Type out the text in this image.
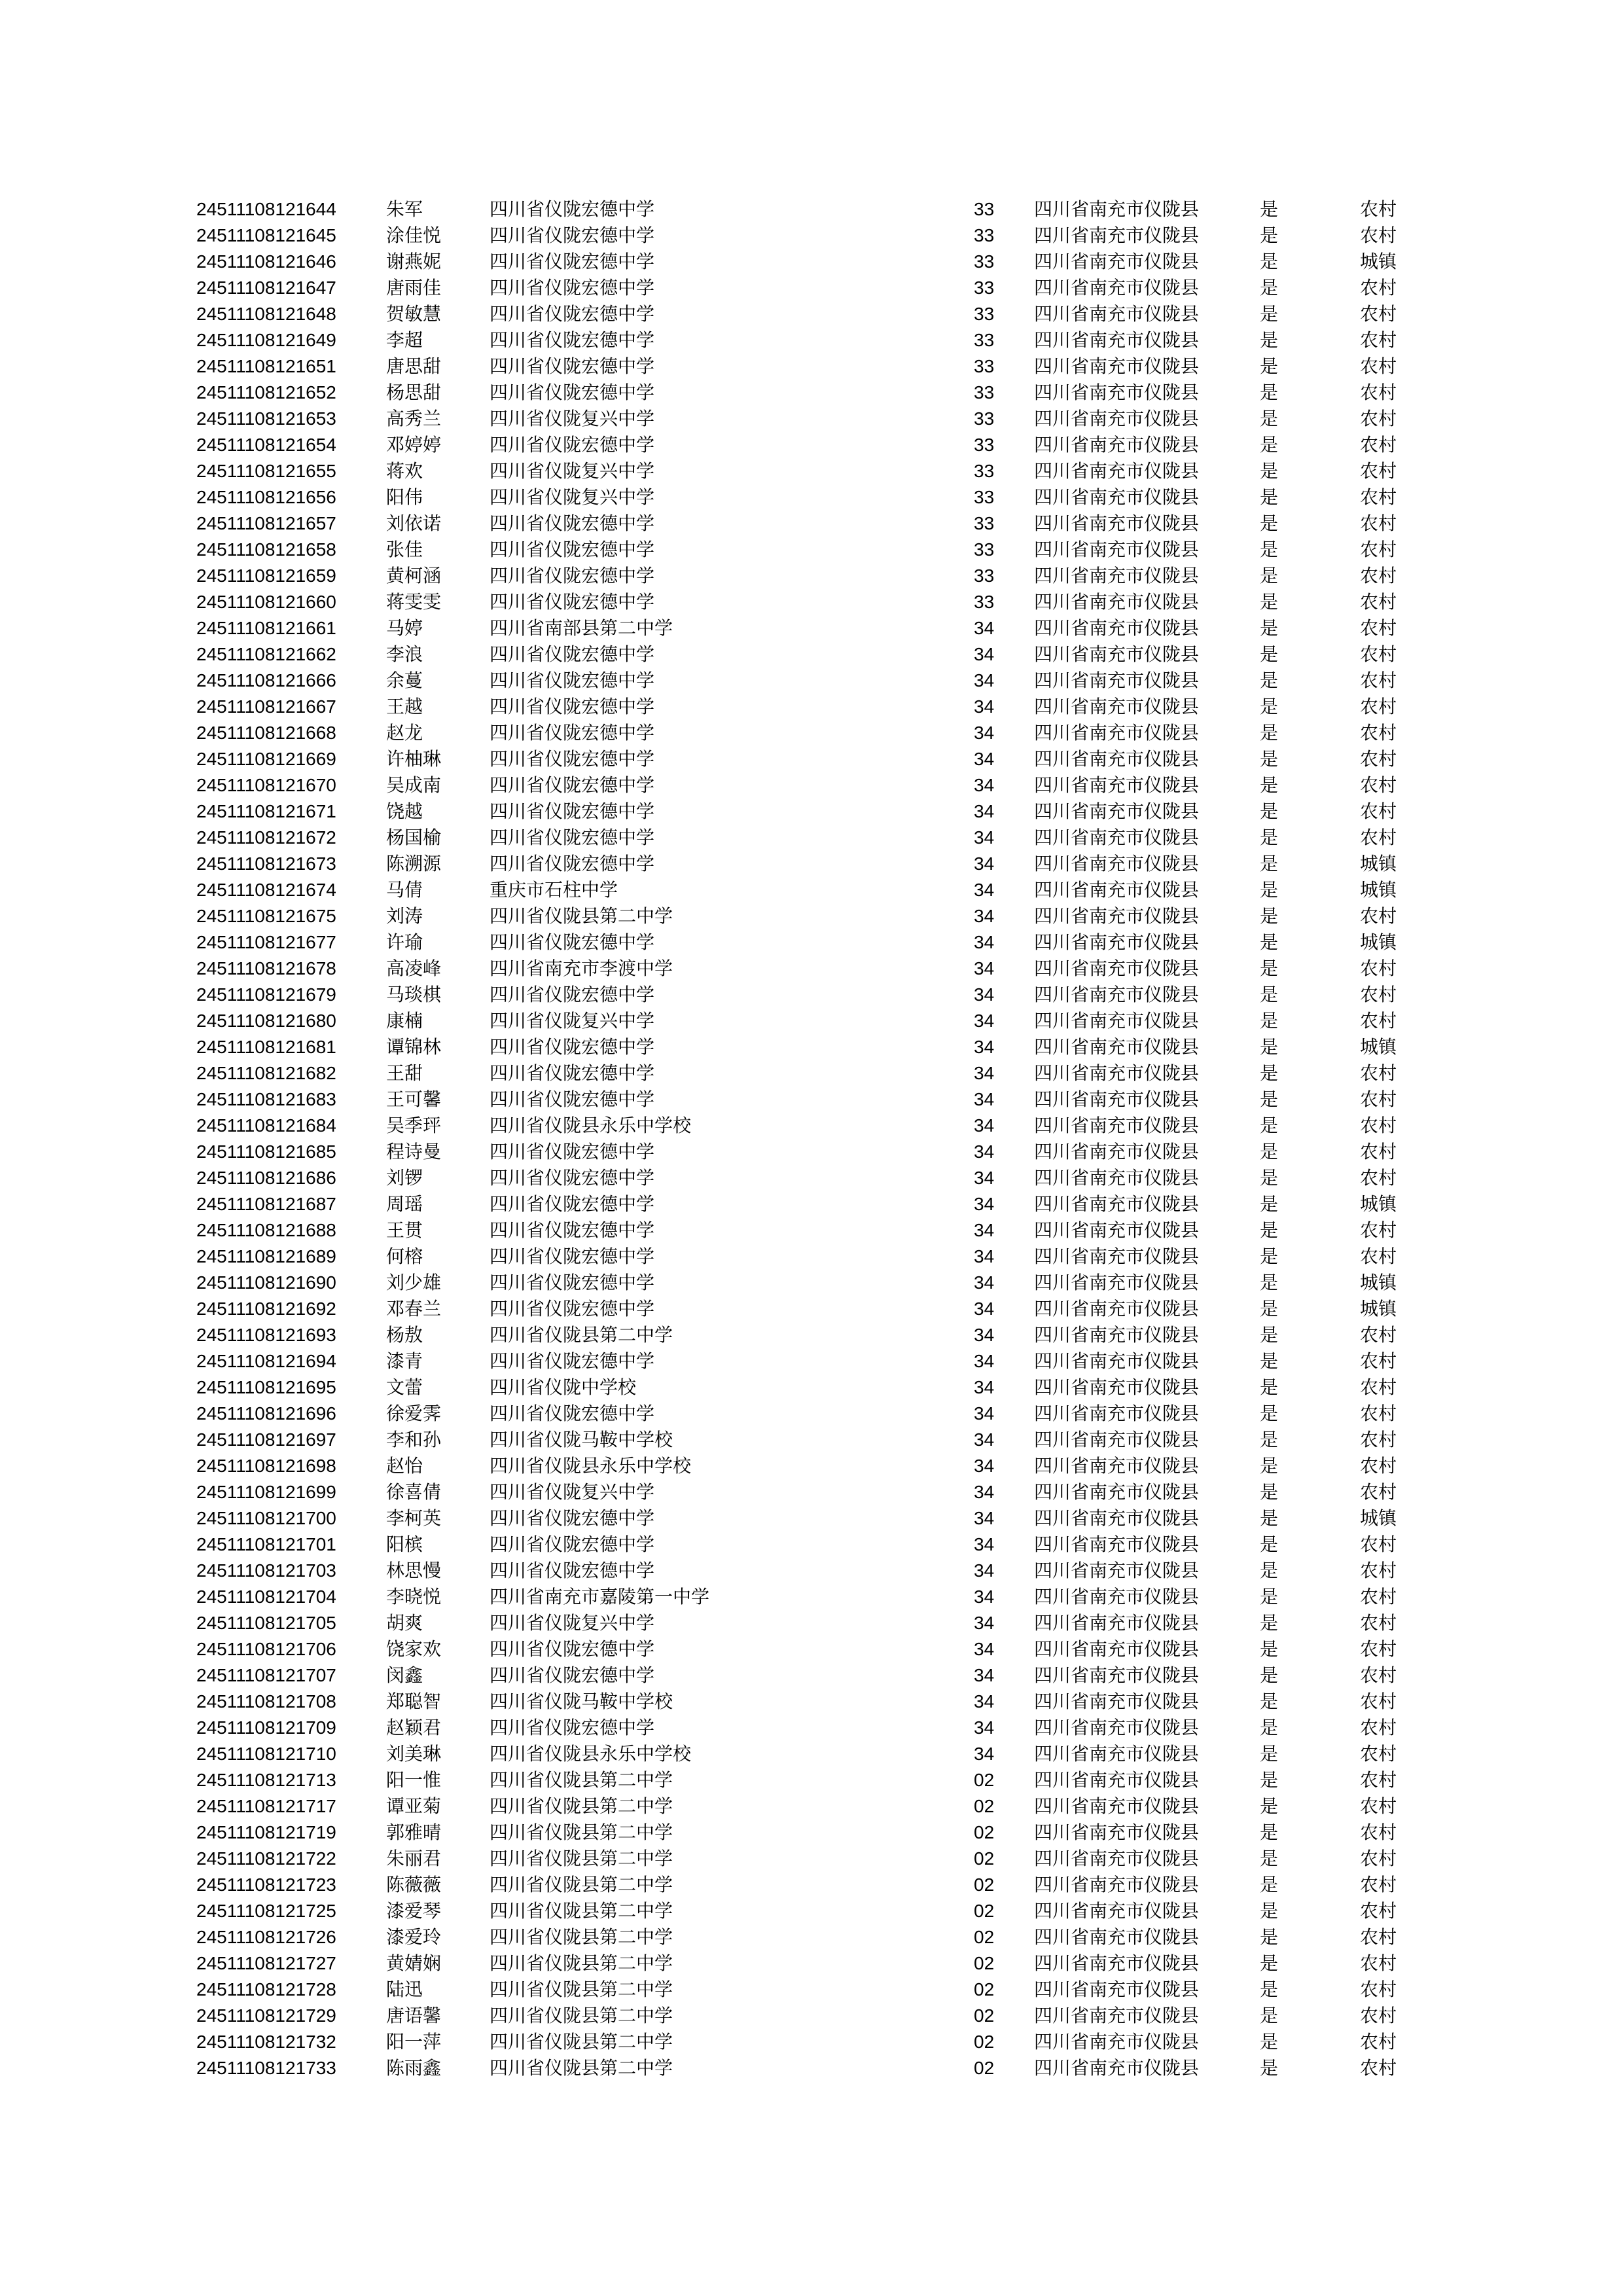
24511108121644	朱军	四川省仪陇宏德中学	33 四川省南充市仪陇县	是	农村
24511108121645	涂佳悦	四川省仪陇宏德中学	33 四川省南充市仪陇县	是	农村
24511108121646	谢燕妮	四川省仪陇宏德中学	33 四川省南充市仪陇县	是	城镇
24511108121647	唐雨佳	四川省仪陇宏德中学	33 四川省南充市仪陇县	是	农村
24511108121648	贺敏慧	四川省仪陇宏德中学	33 四川省南充市仪陇县	是	农村
24511108121649	李超	四川省仪陇宏德中学	33 四川省南充市仪陇县	是	农村
24511108121651	唐思甜	四川省仪陇宏德中学	33 四川省南充市仪陇县	是	农村
24511108121652	杨思甜	四川省仪陇宏德中学	33 四川省南充市仪陇县	是	农村
24511108121653	高秀兰	四川省仪陇复兴中学	33 四川省南充市仪陇县	是	农村
24511108121654	邓婷婷	四川省仪陇宏德中学	33 四川省南充市仪陇县	是	农村
24511108121655	蒋欢	四川省仪陇复兴中学	33 四川省南充市仪陇县	是	农村
24511108121656	阳伟	四川省仪陇复兴中学	33 四川省南充市仪陇县	是	农村
24511108121657	刘依诺	四川省仪陇宏德中学	33 四川省南充市仪陇县	是	农村
24511108121658	张佳	四川省仪陇宏德中学	33 四川省南充市仪陇县	是	农村
24511108121659	黄柯涵	四川省仪陇宏德中学	33 四川省南充市仪陇县	是	农村
24511108121660	蒋雯雯	四川省仪陇宏德中学	33 四川省南充市仪陇县	是	农村
24511108121661	马婷	四川省南部县第二中学	34 四川省南充市仪陇县	是	农村
24511108121662	李浪	四川省仪陇宏德中学	34 四川省南充市仪陇县	是	农村
24511108121666	余蔓	四川省仪陇宏德中学	34 四川省南充市仪陇县	是	农村
24511108121667	王越	四川省仪陇宏德中学	34 四川省南充市仪陇县	是	农村
24511108121668	赵龙	四川省仪陇宏德中学	34 四川省南充市仪陇县	是	农村
24511108121669	许柚琳	四川省仪陇宏德中学	34 四川省南充市仪陇县	是	农村
24511108121670	吴成南	四川省仪陇宏德中学	34 四川省南充市仪陇县	是	农村
24511108121671	饶越	四川省仪陇宏德中学	34 四川省南充市仪陇县	是	农村
24511108121672	杨国榆	四川省仪陇宏德中学	34 四川省南充市仪陇县	是	农村
24511108121673	陈溯源	四川省仪陇宏德中学	34 四川省南充市仪陇县	是	城镇
24511108121674	马倩	重庆市石柱中学	34 四川省南充市仪陇县	是	城镇
24511108121675	刘涛	四川省仪陇县第二中学	34 四川省南充市仪陇县	是	农村
24511108121677	许瑜	四川省仪陇宏德中学	34 四川省南充市仪陇县	是	城镇
24511108121678	高凌峰	四川省南充市李渡中学	34 四川省南充市仪陇县	是	农村
24511108121679	马琰棋	四川省仪陇宏德中学	34 四川省南充市仪陇县	是	农村
24511108121680	康楠	四川省仪陇复兴中学	34 四川省南充市仪陇县	是	农村
24511108121681	谭锦林	四川省仪陇宏德中学	34 四川省南充市仪陇县	是	城镇
24511108121682	王甜	四川省仪陇宏德中学	34 四川省南充市仪陇县	是	农村
24511108121683	王可馨	四川省仪陇宏德中学	34 四川省南充市仪陇县	是	农村
24511108121684	吴季玶	四川省仪陇县永乐中学校	34 四川省南充市仪陇县	是	农村
24511108121685	程诗曼	四川省仪陇宏德中学	34 四川省南充市仪陇县	是	农村
24511108121686	刘锣	四川省仪陇宏德中学	34 四川省南充市仪陇县	是	农村
24511108121687	周瑶	四川省仪陇宏德中学	34 四川省南充市仪陇县	是	城镇
24511108121688	王贯	四川省仪陇宏德中学	34 四川省南充市仪陇县	是	农村
24511108121689	何榕	四川省仪陇宏德中学	34 四川省南充市仪陇县	是	农村
24511108121690	刘少雄	四川省仪陇宏德中学	34 四川省南充市仪陇县	是	城镇
24511108121692	邓春兰	四川省仪陇宏德中学	34 四川省南充市仪陇县	是	城镇
24511108121693	杨敖	四川省仪陇县第二中学	34 四川省南充市仪陇县	是	农村
24511108121694	漆青	四川省仪陇宏德中学	34 四川省南充市仪陇县	是	农村
24511108121695	文蕾	四川省仪陇中学校	34 四川省南充市仪陇县	是	农村
24511108121696	徐爱霁	四川省仪陇宏德中学	34 四川省南充市仪陇县	是	农村
24511108121697	李和孙	四川省仪陇马鞍中学校	34 四川省南充市仪陇县	是	农村
24511108121698	赵怡	四川省仪陇县永乐中学校	34 四川省南充市仪陇县	是	农村
24511108121699	徐喜倩	四川省仪陇复兴中学	34 四川省南充市仪陇县	是	农村
24511108121700	李柯英	四川省仪陇宏德中学	34 四川省南充市仪陇县	是	城镇
24511108121701	阳槟	四川省仪陇宏德中学	34 四川省南充市仪陇县	是	农村
24511108121703	林思慢	四川省仪陇宏德中学	34 四川省南充市仪陇县	是	农村
24511108121704	李晓悦	四川省南充市嘉陵第一中学	34 四川省南充市仪陇县	是	农村
24511108121705	胡爽	四川省仪陇复兴中学	34 四川省南充市仪陇县	是	农村
24511108121706	饶家欢	四川省仪陇宏德中学	34 四川省南充市仪陇县	是	农村
24511108121707	闵鑫	四川省仪陇宏德中学	34 四川省南充市仪陇县	是	农村
24511108121708	郑聪智	四川省仪陇马鞍中学校	34 四川省南充市仪陇县	是	农村
24511108121709	赵颖君	四川省仪陇宏德中学	34 四川省南充市仪陇县	是	农村
24511108121710	刘美琳	四川省仪陇县永乐中学校	34 四川省南充市仪陇县	是	农村
24511108121713	阳一惟	四川省仪陇县第二中学	02 四川省南充市仪陇县	是	农村
24511108121717	谭亚菊	四川省仪陇县第二中学	02 四川省南充市仪陇县	是	农村
24511108121719	郭雅晴	四川省仪陇县第二中学	02 四川省南充市仪陇县	是	农村
24511108121722	朱丽君	四川省仪陇县第二中学	02 四川省南充市仪陇县	是	农村
24511108121723	陈薇薇	四川省仪陇县第二中学	02 四川省南充市仪陇县	是	农村
24511108121725	漆爱琴	四川省仪陇县第二中学	02 四川省南充市仪陇县	是	农村
24511108121726	漆爱玲	四川省仪陇县第二中学	02 四川省南充市仪陇县	是	农村
24511108121727	黄婧娴	四川省仪陇县第二中学	02 四川省南充市仪陇县	是	农村
24511108121728	陆迅	四川省仪陇县第二中学	02 四川省南充市仪陇县	是	农村
24511108121729	唐语馨	四川省仪陇县第二中学	02 四川省南充市仪陇县	是	农村
24511108121732	阳一萍	四川省仪陇县第二中学	02 四川省南充市仪陇县	是	农村
24511108121733	陈雨鑫	四川省仪陇县第二中学	02 四川省南充市仪陇县	是	农村
